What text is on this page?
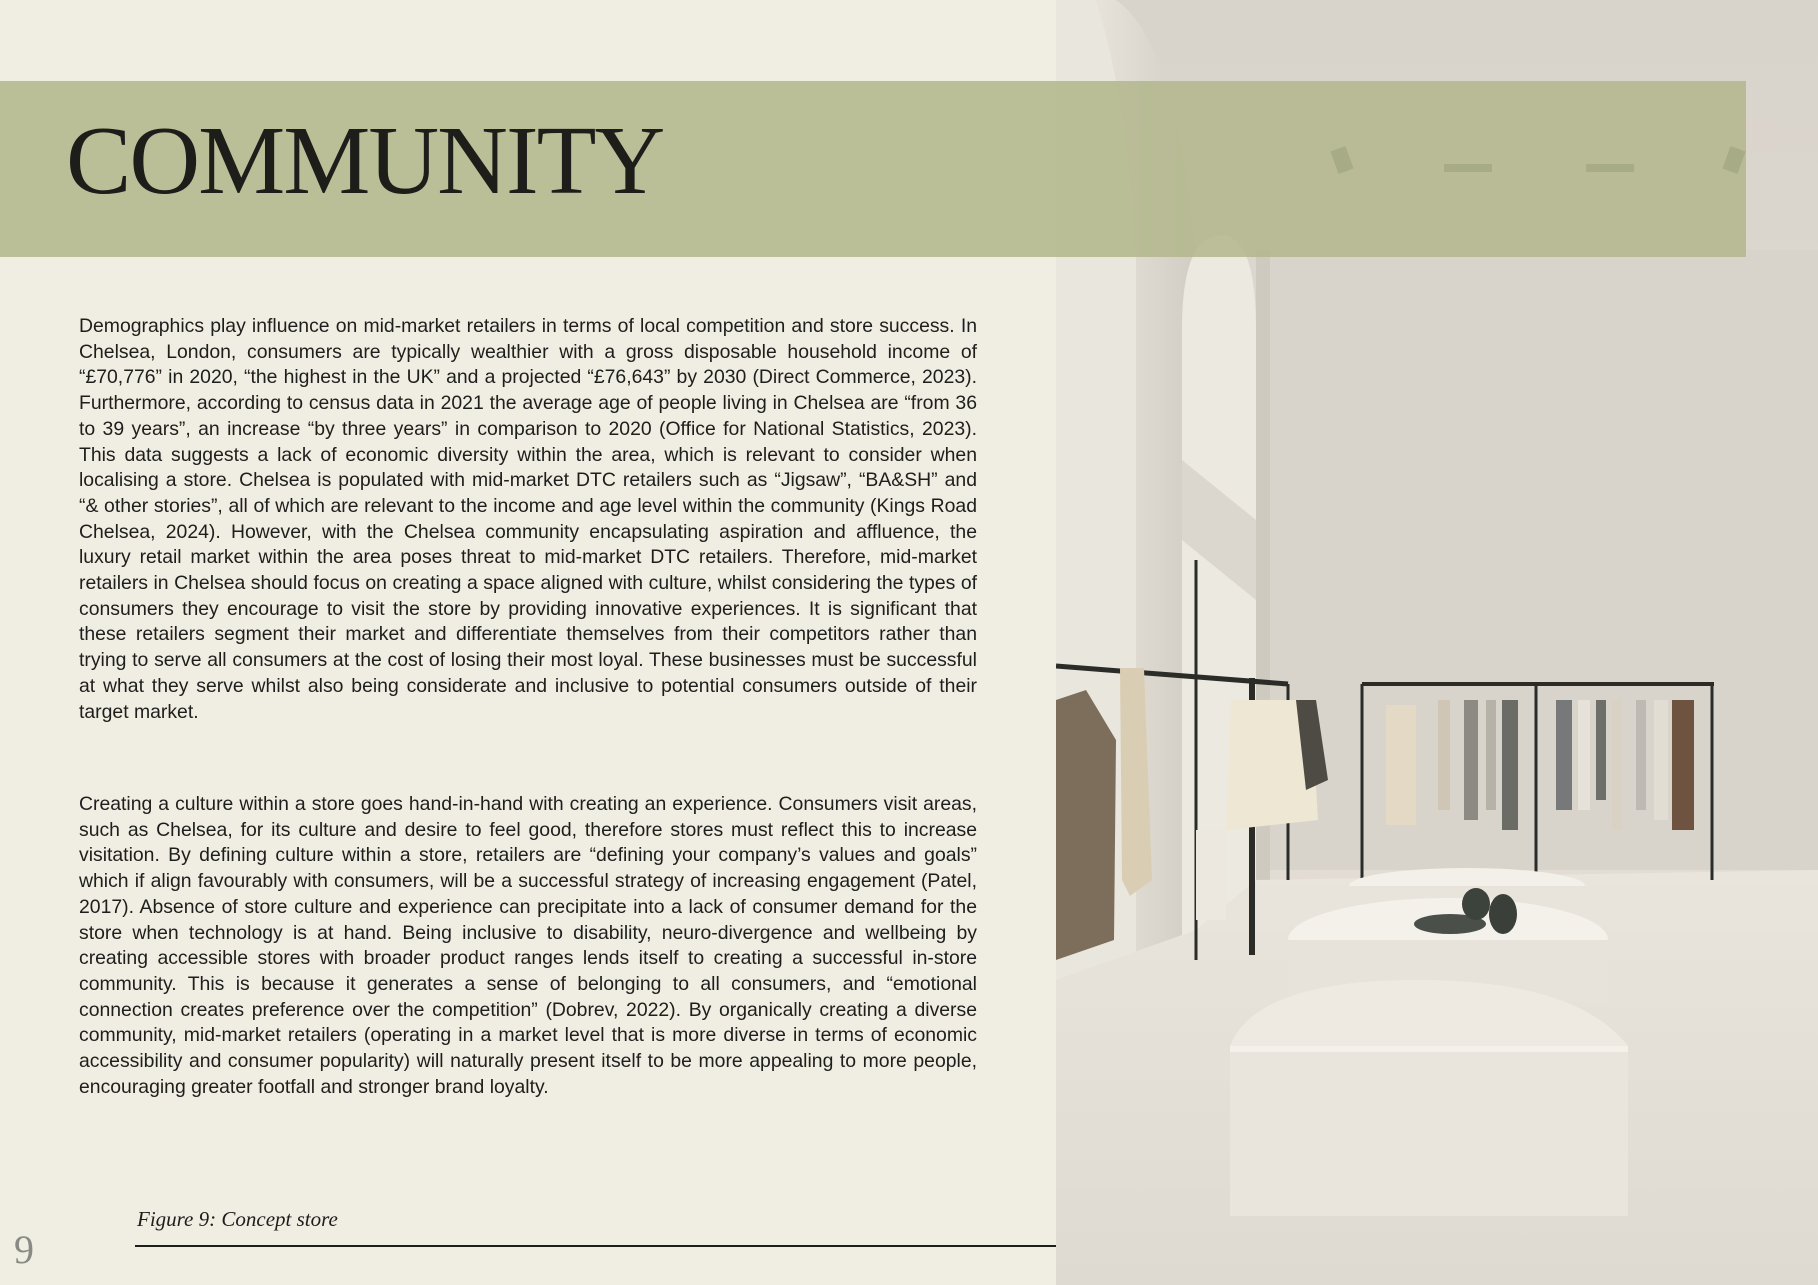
COMMUNITY

Demographics play influence on mid-market retailers in terms of local competition and store success. In Chelsea, London, consumers are typically wealthier with a gross disposable household income of “£70,776” in 2020, “the highest in the UK” and a projected “£76,643” by 2030 (Direct Commerce, 2023). Furthermore, according to census data in 2021 the average age of people living in Chelsea are “from 36 to 39 years”, an increase “by three years” in comparison to 2020 (Office for National Statistics, 2023). This data suggests a lack of economic diversity within the area, which is relevant to consider when localising a store. Chelsea is populated with mid-market DTC retailers such as “Jigsaw”, “BA&SH” and “& other stories”, all of which are relevant to the income and age level within the community (Kings Road Chelsea, 2024). However, with the Chelsea community encapsulating aspiration and affluence, the luxury retail market within the area poses threat to mid-market DTC retailers. Therefore, mid-market retailers in Chelsea should focus on creating a space aligned with culture, whilst considering the types of consumers they encourage to visit the store by providing innovative experiences. It is significant that these retailers segment their market and differentiate themselves from their competitors rather than trying to serve all consumers at the cost of losing their most loyal. These businesses must be successful at what they serve whilst also being considerate and inclusive to potential consumers outside of their target market.

Creating a culture within a store goes hand-in-hand with creating an experience. Consumers visit areas, such as Chelsea, for its culture and desire to feel good, therefore stores must reflect this to increase visitation. By defining culture within a store, retailers are “defining your company’s values and goals” which if align favourably with consumers, will be a successful strategy of increasing engagement (Patel, 2017). Absence of store culture and experience can precipitate into a lack of consumer demand for the store when technology is at hand. Being inclusive to disability, neuro-divergence and wellbeing by creating accessible stores with broader product ranges lends itself to creating a successful in-store community. This is because it generates a sense of belonging to all consumers, and “emotional connection creates preference over the competition” (Dobrev, 2022). By organically creating a diverse community, mid-market retailers (operating in a market level that is more diverse in terms of economic accessibility and consumer popularity) will naturally present itself to be more appealing to more people, encouraging greater footfall and stronger brand loyalty.

Figure 9: Concept store

9
